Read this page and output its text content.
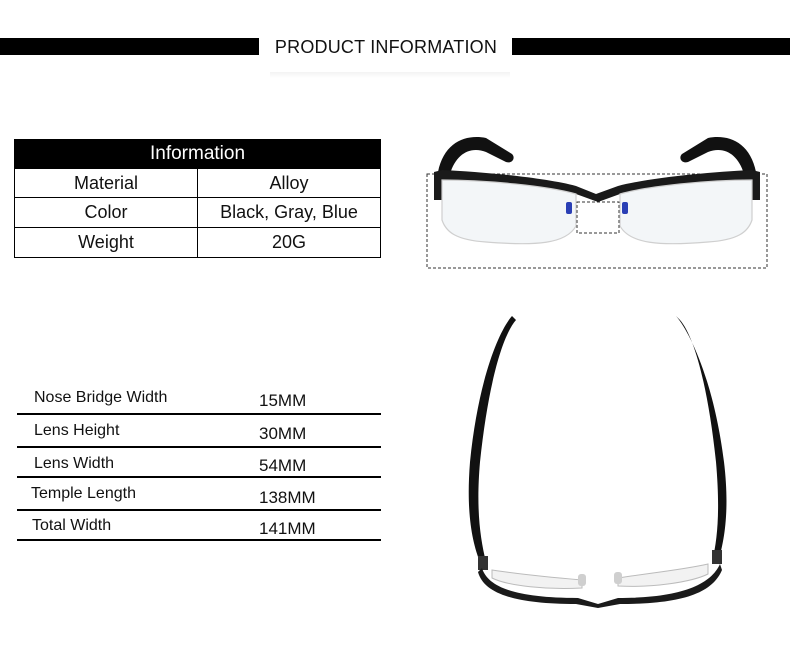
PRODUCT INFORMATION
Information	
Material	Alloy
Color	Black, Gray, Blue
Weight	20G
Nose Bridge Width	15MM
Lens Height	30MM
Lens Width	54MM
Temple Length	138MM
Total Width	141MM
